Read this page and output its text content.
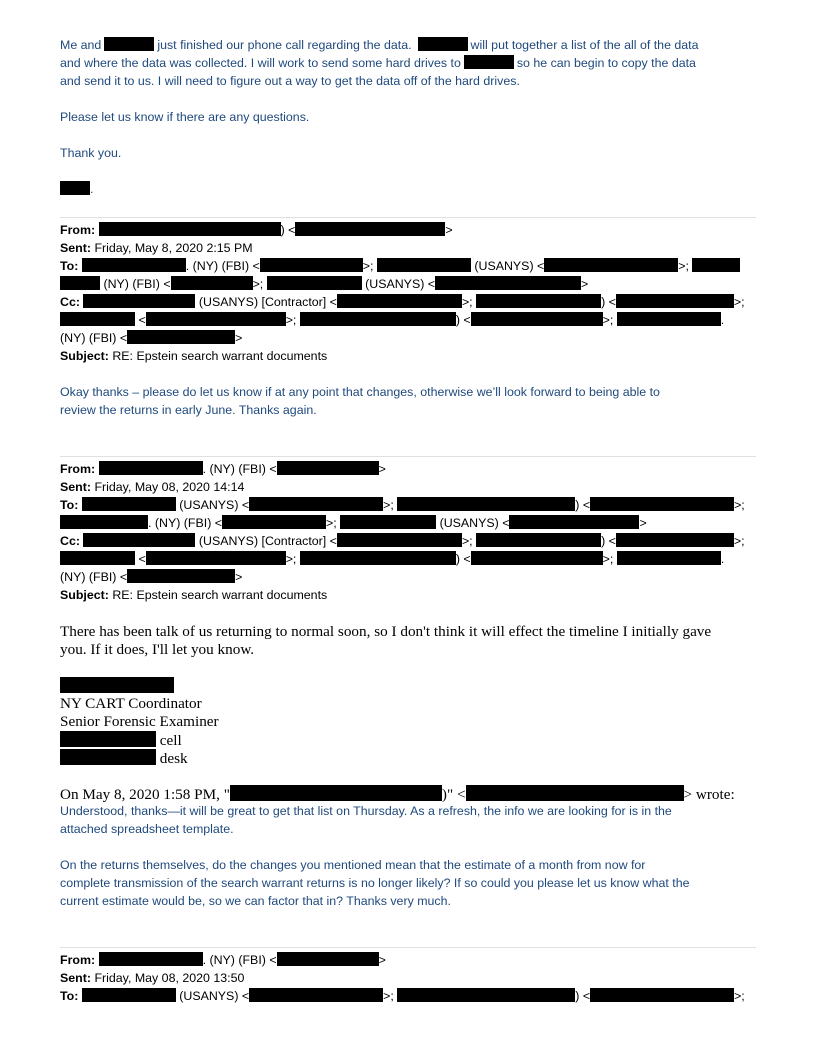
Me and	just finished our phone call regarding the data.	will put together a list of the all of the data
and where the data was collected. I will work to send some hard drives to	so he can begin to copy the data
and send it to us. I will need to figure out a way to get the data off of the hard drives.
Please let us know if there are any questions.
Thank you.
.
From:	) <	>
Sent: Friday, May 8, 2020 2:15 PM
To:	. (NY) (FBI) <	>;	(USANYS) <	>;
(NY) (FBI) <	>;	(USANYS) <	>
Cc:	(USANYS) [Contractor] <	>;	) <	>;
<	>;	) <	>;	.
(NY) (FBI) <	>
Subject: RE: Epstein search warrant documents
Okay thanks – please do let us know if at any point that changes, otherwise we’ll look forward to being able to
review the returns in early June. Thanks again.
From:	. (NY) (FBI) <	>
Sent: Friday, May 08, 2020 14:14
To:	(USANYS) <	>;	) <	>;
. (NY) (FBI) <	>;	(USANYS) <	>
Cc:	(USANYS) [Contractor] <	>;	) <	>;
<	>;	) <	>;	.
(NY) (FBI) <	>
Subject: RE: Epstein search warrant documents
There has been talk of us returning to normal soon, so I don't think it will effect the timeline I initially gave
you. If it does, I'll let you know.
NY CART Coordinator
Senior Forensic Examiner
cell
desk
On May 8, 2020 1:58 PM, "	)" <	> wrote:
Understood, thanks—it will be great to get that list on Thursday. As a refresh, the info we are looking for is in the
attached spreadsheet template.
On the returns themselves, do the changes you mentioned mean that the estimate of a month from now for
complete transmission of the search warrant returns is no longer likely? If so could you please let us know what the
current estimate would be, so we can factor that in? Thanks very much.
From:	. (NY) (FBI) <	>
Sent: Friday, May 08, 2020 13:50
To:	(USANYS) <	>;	) <	>;
